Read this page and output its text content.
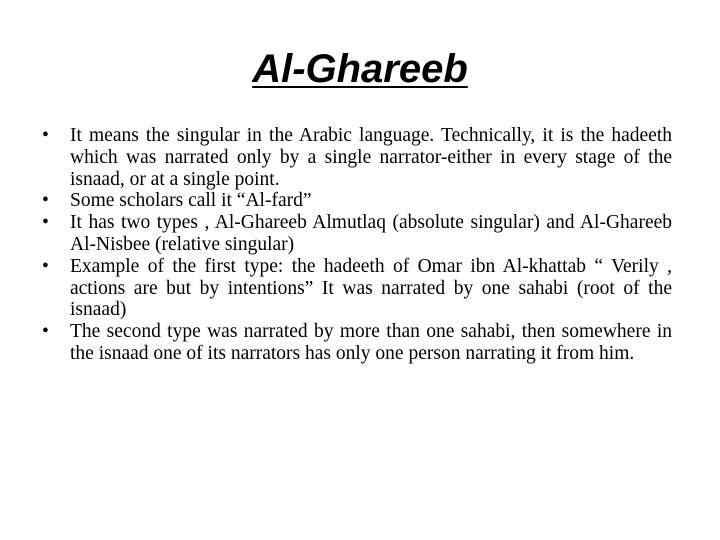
Al-Ghareeb
•	It means the singular in the Arabic language. Technically, it is the hadeeth which was narrated only by a single narrator-either in every stage of the isnaad, or at a single point.
•	Some scholars call it “Al-fard”
•	It has two types , Al-Ghareeb Almutlaq (absolute singular) and Al-Ghareeb Al-Nisbee (relative singular)
•	Example of the first type: the hadeeth of Omar ibn Al-khattab “ Verily , actions are but by intentions” It was narrated by one sahabi (root of the isnaad)
•	The second type was narrated by more than one sahabi, then somewhere in the isnaad one of its narrators has only one person narrating it from him.
